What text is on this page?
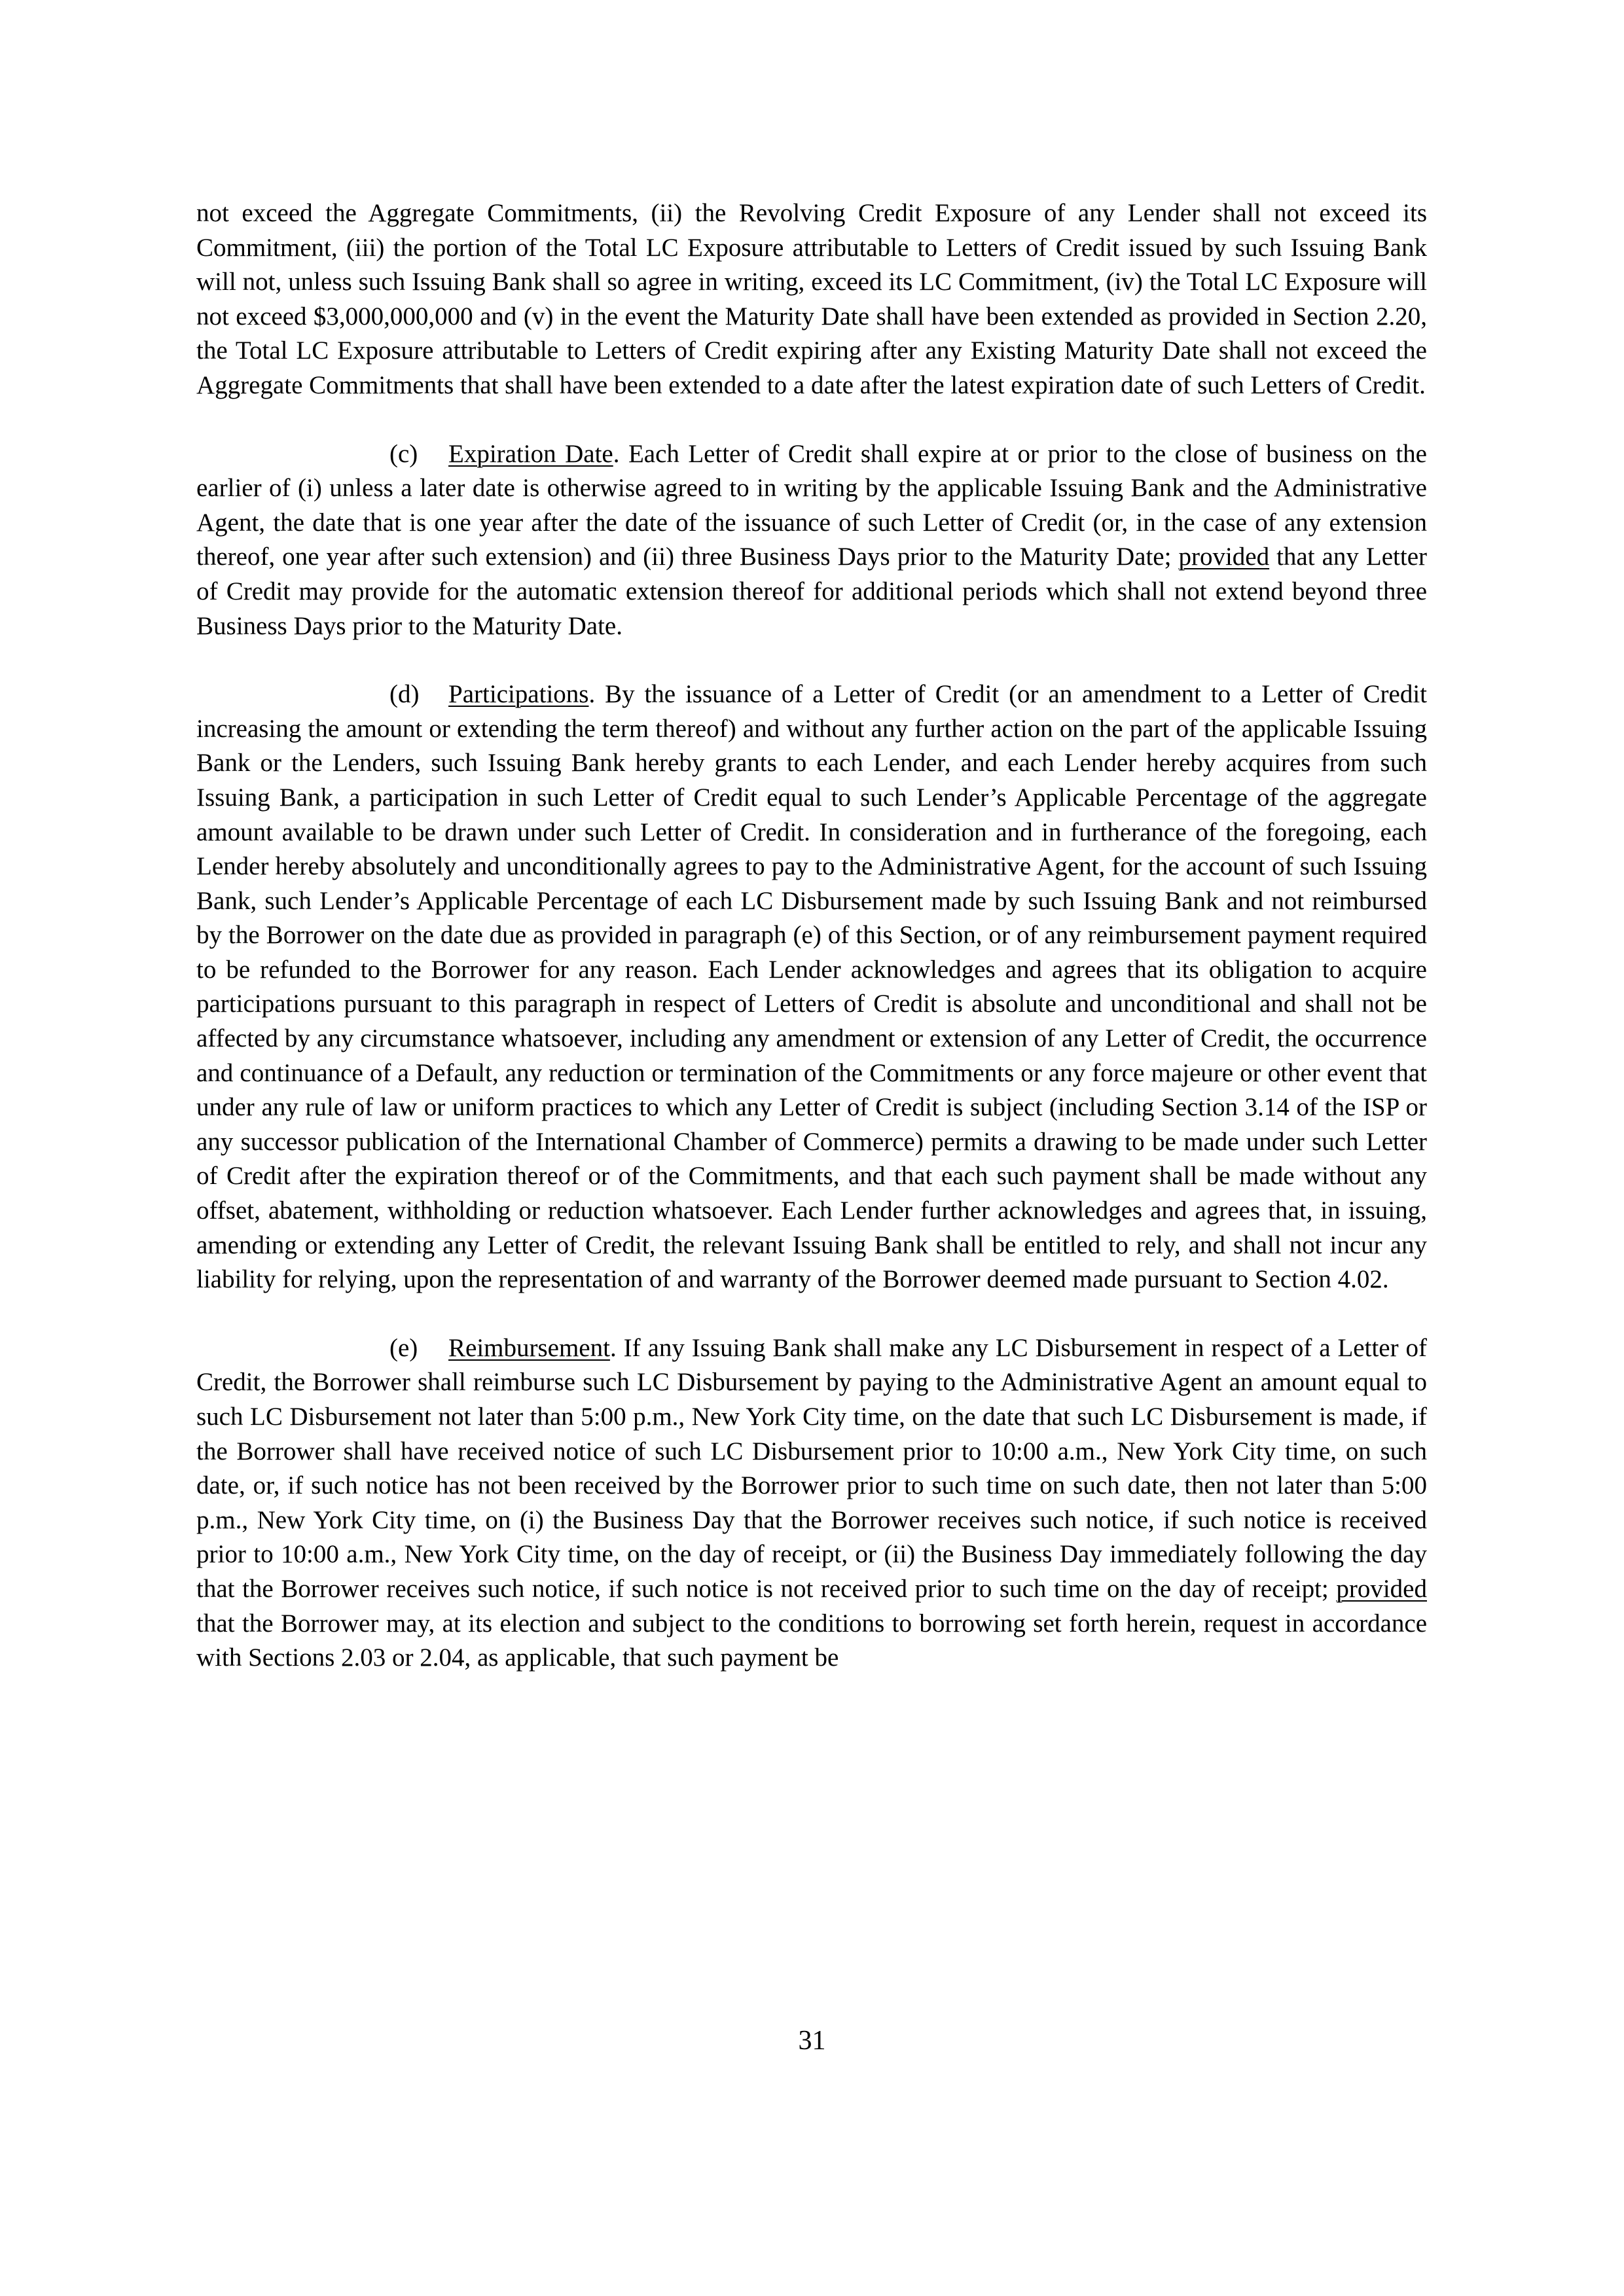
not exceed the Aggregate Commitments, (ii) the Revolving Credit Exposure of any Lender shall not exceed its Commitment, (iii) the portion of the Total LC Exposure attributable to Letters of Credit issued by such Issuing Bank will not, unless such Issuing Bank shall so agree in writing, exceed its LC Commitment, (iv) the Total LC Exposure will not exceed $3,000,000,000 and (v) in the event the Maturity Date shall have been extended as provided in Section 2.20, the Total LC Exposure attributable to Letters of Credit expiring after any Existing Maturity Date shall not exceed the Aggregate Commitments that shall have been extended to a date after the latest expiration date of such Letters of Credit.

(c) Expiration Date. Each Letter of Credit shall expire at or prior to the close of business on the earlier of (i) unless a later date is otherwise agreed to in writing by the applicable Issuing Bank and the Administrative Agent, the date that is one year after the date of the issuance of such Letter of Credit (or, in the case of any extension thereof, one year after such extension) and (ii) three Business Days prior to the Maturity Date; provided that any Letter of Credit may provide for the automatic extension thereof for additional periods which shall not extend beyond three Business Days prior to the Maturity Date.

(d) Participations. By the issuance of a Letter of Credit (or an amendment to a Letter of Credit increasing the amount or extending the term thereof) and without any further action on the part of the applicable Issuing Bank or the Lenders, such Issuing Bank hereby grants to each Lender, and each Lender hereby acquires from such Issuing Bank, a participation in such Letter of Credit equal to such Lender’s Applicable Percentage of the aggregate amount available to be drawn under such Letter of Credit. In consideration and in furtherance of the foregoing, each Lender hereby absolutely and unconditionally agrees to pay to the Administrative Agent, for the account of such Issuing Bank, such Lender’s Applicable Percentage of each LC Disbursement made by such Issuing Bank and not reimbursed by the Borrower on the date due as provided in paragraph (e) of this Section, or of any reimbursement payment required to be refunded to the Borrower for any reason. Each Lender acknowledges and agrees that its obligation to acquire participations pursuant to this paragraph in respect of Letters of Credit is absolute and unconditional and shall not be affected by any circumstance whatsoever, including any amendment or extension of any Letter of Credit, the occurrence and continuance of a Default, any reduction or termination of the Commitments or any force majeure or other event that under any rule of law or uniform practices to which any Letter of Credit is subject (including Section 3.14 of the ISP or any successor publication of the International Chamber of Commerce) permits a drawing to be made under such Letter of Credit after the expiration thereof or of the Commitments, and that each such payment shall be made without any offset, abatement, withholding or reduction whatsoever. Each Lender further acknowledges and agrees that, in issuing, amending or extending any Letter of Credit, the relevant Issuing Bank shall be entitled to rely, and shall not incur any liability for relying, upon the representation of and warranty of the Borrower deemed made pursuant to Section 4.02.

(e) Reimbursement. If any Issuing Bank shall make any LC Disbursement in respect of a Letter of Credit, the Borrower shall reimburse such LC Disbursement by paying to the Administrative Agent an amount equal to such LC Disbursement not later than 5:00 p.m., New York City time, on the date that such LC Disbursement is made, if the Borrower shall have received notice of such LC Disbursement prior to 10:00 a.m., New York City time, on such date, or, if such notice has not been received by the Borrower prior to such time on such date, then not later than 5:00 p.m., New York City time, on (i) the Business Day that the Borrower receives such notice, if such notice is received prior to 10:00 a.m., New York City time, on the day of receipt, or (ii) the Business Day immediately following the day that the Borrower receives such notice, if such notice is not received prior to such time on the day of receipt; provided that the Borrower may, at its election and subject to the conditions to borrowing set forth herein, request in accordance with Sections 2.03 or 2.04, as applicable, that such payment be

31
